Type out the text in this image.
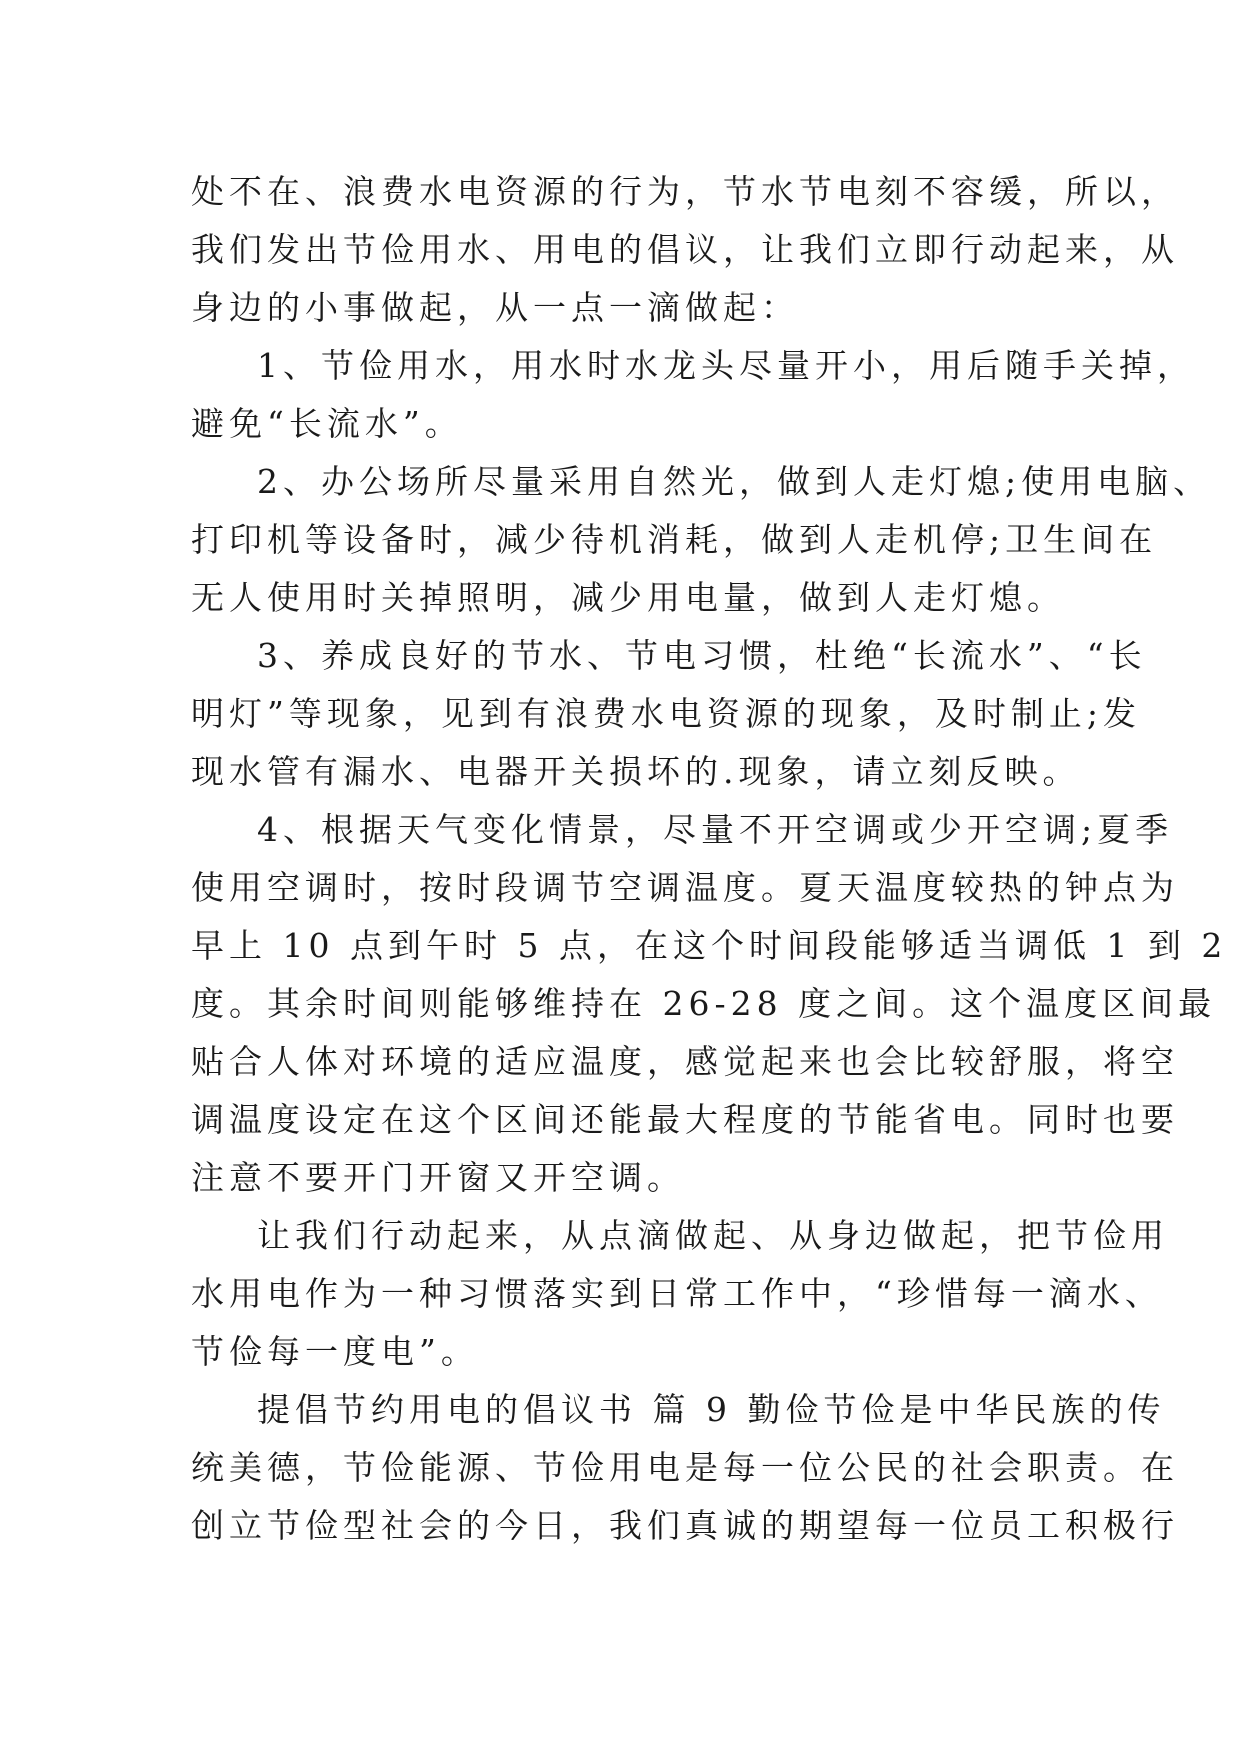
处不在、浪费水电资源的行为，节水节电刻不容缓，所以，
我们发出节俭用水、用电的倡议，让我们立即行动起来，从
身边的小事做起，从一点一滴做起：
1、节俭用水，用水时水龙头尽量开小，用后随手关掉，
避免“长流水”。
2、办公场所尽量采用自然光，做到人走灯熄;使用电脑、
打印机等设备时，减少待机消耗，做到人走机停;卫生间在
无人使用时关掉照明，减少用电量，做到人走灯熄。
3、养成良好的节水、节电习惯，杜绝“长流水”、“长
明灯”等现象，见到有浪费水电资源的现象，及时制止;发
现水管有漏水、电器开关损坏的.现象，请立刻反映。
4、根据天气变化情景，尽量不开空调或少开空调;夏季
使用空调时，按时段调节空调温度。夏天温度较热的钟点为
早上 10 点到午时 5 点，在这个时间段能够适当调低 1 到 2
度。其余时间则能够维持在 26-28 度之间。这个温度区间最
贴合人体对环境的适应温度，感觉起来也会比较舒服，将空
调温度设定在这个区间还能最大程度的节能省电。同时也要
注意不要开门开窗又开空调。
让我们行动起来，从点滴做起、从身边做起，把节俭用
水用电作为一种习惯落实到日常工作中，“珍惜每一滴水、
节俭每一度电”。
提倡节约用电的倡议书 篇 9 勤俭节俭是中华民族的传
统美德，节俭能源、节俭用电是每一位公民的社会职责。在
创立节俭型社会的今日，我们真诚的期望每一位员工积极行
